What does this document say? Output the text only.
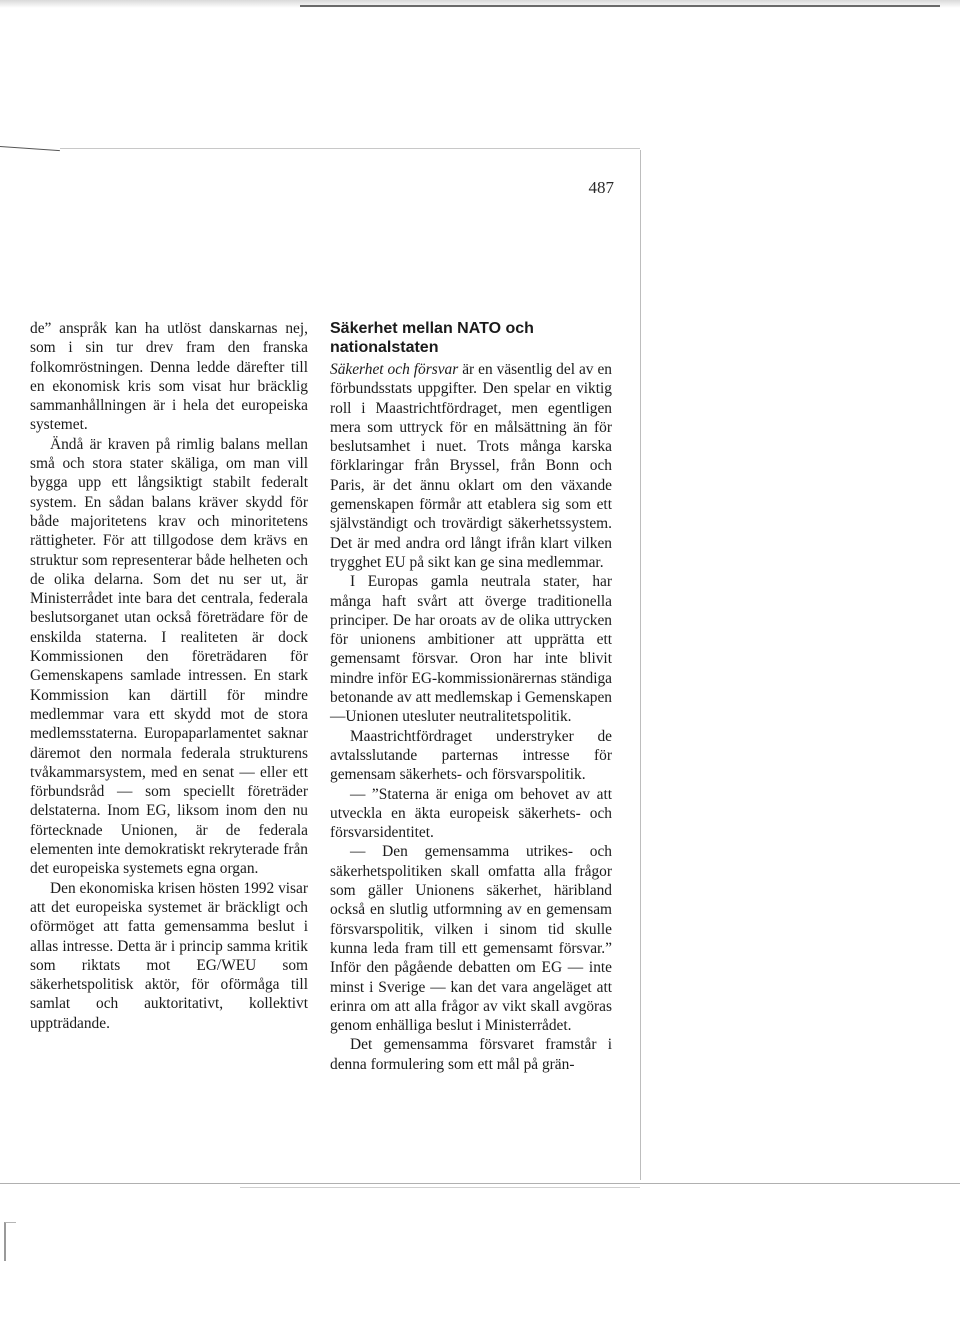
487

de” anspråk kan ha utlöst danskarnas nej, som i sin tur drev fram den franska folkomröstningen. Denna ledde därefter till en ekonomisk kris som visat hur bräcklig sammanhållningen är i hela det europeiska systemet.

Ändå är kraven på rimlig balans mellan små och stora stater skäliga, om man vill bygga upp ett långsiktigt stabilt federalt system. En sådan balans kräver skydd för både majoritetens krav och minoritetens rättigheter. För att tillgodose dem krävs en struktur som representerar både helheten och de olika delarna. Som det nu ser ut, är Ministerrådet inte bara det centrala, federala beslutsorganet utan också företrädare för de enskilda staterna. I realiteten är dock Kommissionen den företrädaren för Gemenskapens samlade intressen. En stark Kommission kan därtill för mindre medlemmar vara ett skydd mot de stora medlemsstaterna. Europaparlamentet saknar däremot den normala federala strukturens tvåkammarsystem, med en senat — eller ett förbundsråd — som speciellt företräder delstaterna. Inom EG, liksom inom den nu förtecknade Unionen, är de federala elementen inte demokratiskt rekryterade från det europeiska systemets egna organ.

Den ekonomiska krisen hösten 1992 visar att det europeiska systemet är bräckligt och oförmöget att fatta gemensamma beslut i allas intresse. Detta är i princip samma kritik som riktats mot EG/WEU som säkerhetspolitisk aktör, för oförmåga till samlat och auktoritativt, kollektivt uppträdande.

Säkerhet mellan NATO och
nationalstaten

Säkerhet och försvar är en väsentlig del av en förbundsstats uppgifter. Den spelar en viktig roll i Maastrichtfördraget, men egentligen mera som uttryck för en målsättning än för beslutsamhet i nuet. Trots många karska förklaringar från Bryssel, från Bonn och Paris, är det ännu oklart om den växande gemenskapen förmår att etablera sig som ett självständigt och trovärdigt säkerhetssystem. Det är med andra ord långt ifrån klart vilken trygghet EU på sikt kan ge sina medlemmar.

I Europas gamla neutrala stater, har många haft svårt att överge traditionella principer. De har oroats av de olika uttrycken för unionens ambitioner att upprätta ett gemensamt försvar. Oron har inte blivit mindre inför EG-kommissionärernas ständiga betonande av att medlemskap i Gemenskapen—Unionen utesluter neutralitetspolitik.

Maastrichtfördraget understryker de avtalsslutande parternas intresse för gemensam säkerhets- och försvarspolitik.

— ”Staterna är eniga om behovet av att utveckla en äkta europeisk säkerhets- och försvarsidentitet.

— Den gemensamma utrikes- och säkerhetspolitiken skall omfatta alla frågor som gäller Unionens säkerhet, häribland också en slutlig utformning av en gemensam försvarspolitik, vilken i sinom tid skulle kunna leda fram till ett gemensamt försvar.” Inför den pågående debatten om EG — inte minst i Sverige — kan det vara angeläget att erinra om att alla frågor av vikt skall avgöras genom enhälliga beslut i Ministerrådet.

Det gemensamma försvaret framstår i denna formulering som ett mål på grän-
